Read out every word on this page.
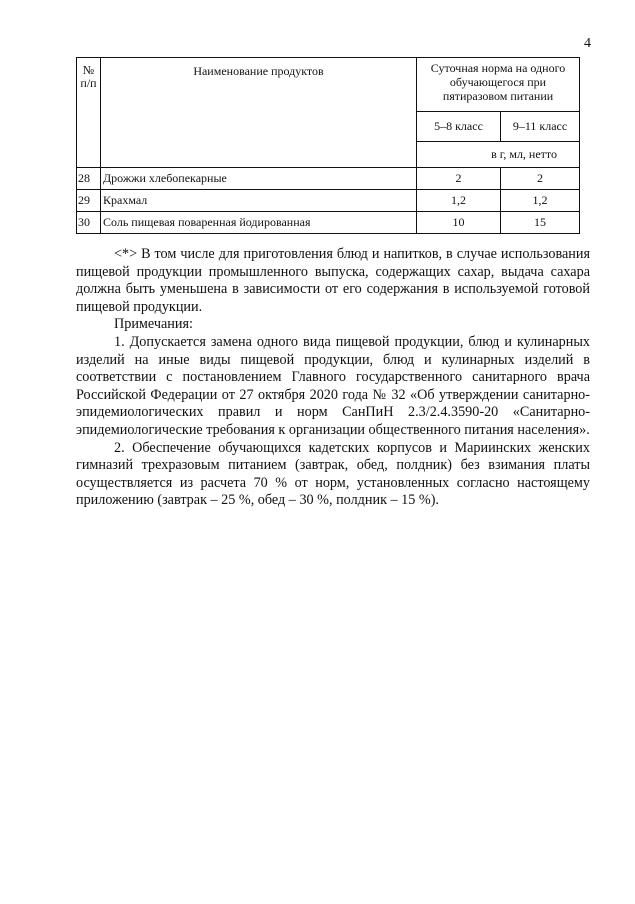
4
№ п/п	Наименование продуктов	Суточная норма на одного обучающегося при пятиразовом питании	
		5–8 класс	9–11 класс
		в г, мл, нетто	
28	Дрожжи хлебопекарные	2	2
29	Крахмал	1,2	1,2
30	Соль пищевая поваренная йодированная	10	15

<*> В том числе для приготовления блюд и напитков, в случае использования пищевой продукции промышленного выпуска, содержащих сахар, выдача сахара должна быть уменьшена в зависимости от его содержания в используемой готовой пищевой продукции.

Примечания:

1. Допускается замена одного вида пищевой продукции, блюд и кулинарных изделий на иные виды пищевой продукции, блюд и кулинарных изделий в соответствии с постановлением Главного государственного санитарного врача Российской Федерации от 27 октября 2020 года № 32 «Об утверждении санитарно-эпидемиологических правил и норм СанПиН 2.3/2.4.3590-20 «Санитарно-эпидемиологические требования к организации общественного питания населения».

2. Обеспечение обучающихся кадетских корпусов и Мариинских женских гимназий трехразовым питанием (завтрак, обед, полдник) без взимания платы осуществляется из расчета 70 % от норм, установленных согласно настоящему приложению (завтрак – 25 %, обед – 30 %, полдник – 15 %).
